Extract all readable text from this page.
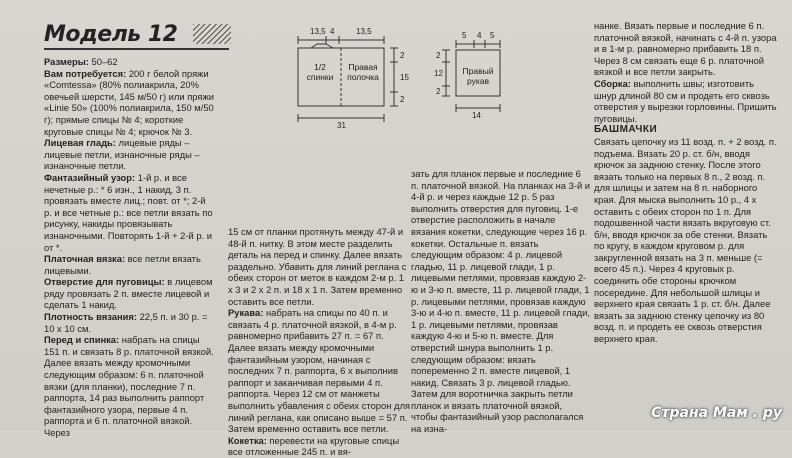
Модель 12	13,5 4	13,5
2
15
2
31
5 4 5
2
12
2
14
1/2 спинки
Правая полочка
Правый рукав

Размеры: 50–62

Вам потребуется: 200 г белой пряжи «Comtessa» (80% полиакрила, 20% овечьей шерсти, 145 м/50 г) или пряжи «Linie 50» (100% полиакрила, 150 м/50 г); прямые спицы № 4; короткие круговые спицы № 4; крючок № 3.

Лицевая гладь: лицевые ряды – лицевые петли, изнаночные ряды – изнаночные петли.

Фантазийный узор: 1-й р. и все нечетные р.: * 6 изн., 1 накид, 3 п. провязать вместе лиц.; повт. от *; 2-й р. и все четные р.: все петли вязать по рисунку, накиды провязывать изнаночными. Повторять 1-й + 2-й р. и от *.

Платочная вязка: все петли вязать лицевыми.

Отверстие для пуговицы: в лицевом ряду провязать 2 п. вместе лицевой и сделать 1 накид.

Плотность вязания: 22,5 п. и 30 р. = 10 х 10 см.

Перед и спинка: набрать на спицы 151 п. и связать 8 р. платочной вязкой. Далее вязать между кромочными следующим образом: 6 п. платочной вязки (для планки), последние 7 п. раппорта, 14 раз выполнить раппорт фантазийного узора, первые 4 п. раппорта и 6 п. платочной вязкой. Через

15 см от планки протянуть между 47-й и 48-й п. нитку. В этом месте разделить деталь на перед и спинку. Далее вязать раздельно. Убавить для линий реглана с обеих сторон от меток в каждом 2-м р. 1 х 3 и 2 х 2 п. и 18 х 1 п. Затем временно оставить все петли.

Рукава: набрать на спицы по 40 п. и связать 4 р. платочной вязкой, в 4-м р. равномерно прибавить 27 п. = 67 п. Далее вязать между кромочными фантазийным узором, начиная с последних 7 п. раппорта, 6 х выполнив раппорт и заканчивая первыми 4 п. раппорта. Через 12 см от манжеты выполнить убавления с обеих сторон для линий реглана, как описано выше = 57 п. Затем временно оставить все петли.

Кокетка: перевести на круговые спицы все отложенные 245 п. и вя-

зать для планок первые и последние 6 п. платочной вязкой. На планках на 3-й и 4-й р. и через каждые 12 р. 5 раз выполнить отверстия для пуговиц. 1-е отверстие расположить в начале вязания кокетки, следующие через 16 р. кокетки. Остальные п. вязать следующим образом: 4 р. лицевой гладью, 11 р. лицевой глади, 1 р. лицевыми петлями, провязав каждую 2-ю и 3-ю п. вместе, 11 р. лицевой глади, 1 р. лицевыми петлями, провязав каждую 3-ю и 4-ю п. вместе, 11 р. лицевой глади, 1 р. лицевыми петлями, провязав каждую 4-ю и 5-ю п. вместе. Для отверстий шнура выполнить 1 р. следующим образом: вязать попеременно 2 п. вместе лицевой, 1 накид. Связать 3 р. лицевой гладью. Затем для воротничка закрыть петли планок и вязать платочной вязкой, чтобы фантазийный узор располагался на изна-

нанке. Вязать первые и последние 6 п. платочной вязкой, начинать с 4-й п. узора и в 1-м р. равномерно прибавить 18 п. Через 8 см связать еще 6 р. платочной вязкой и все петли закрыть.

Сборка: выполнить швы; изготовить шнур длиной 80 см и продеть его сквозь отверстия у вырезки горловины. Пришить пуговицы.

БАШМАЧКИ

Связать цепочку из 11 возд. п. + 2 возд. п. подъема. Вязать 20 р. ст. б/н, вводя крючок за заднюю стенку. После этого вязать только на первых 8 п., 2 возд. п. для шлицы и затем на 8 п. наборного края. Для мыска выполнить 10 р., 4 х оставить с обеих сторон по 1 п. Для подошвенной части вязать вкруговую ст. б/н, вводя крючок за обе стенки. Вязать по кругу, в каждом круговом р. для закругленной вязать на 3 п. меньше (= всего 45 п.). Через 4 круговых р. соединить обе стороны крючком посередине. Для небольшой шлицы и верхнего края связать 1 р. ст. б/н. Далее вязать за заднюю стенку цепочку из 80 возд. п. и продеть ее сквозь отверстия верхнего края.

Страна Мам . ру
